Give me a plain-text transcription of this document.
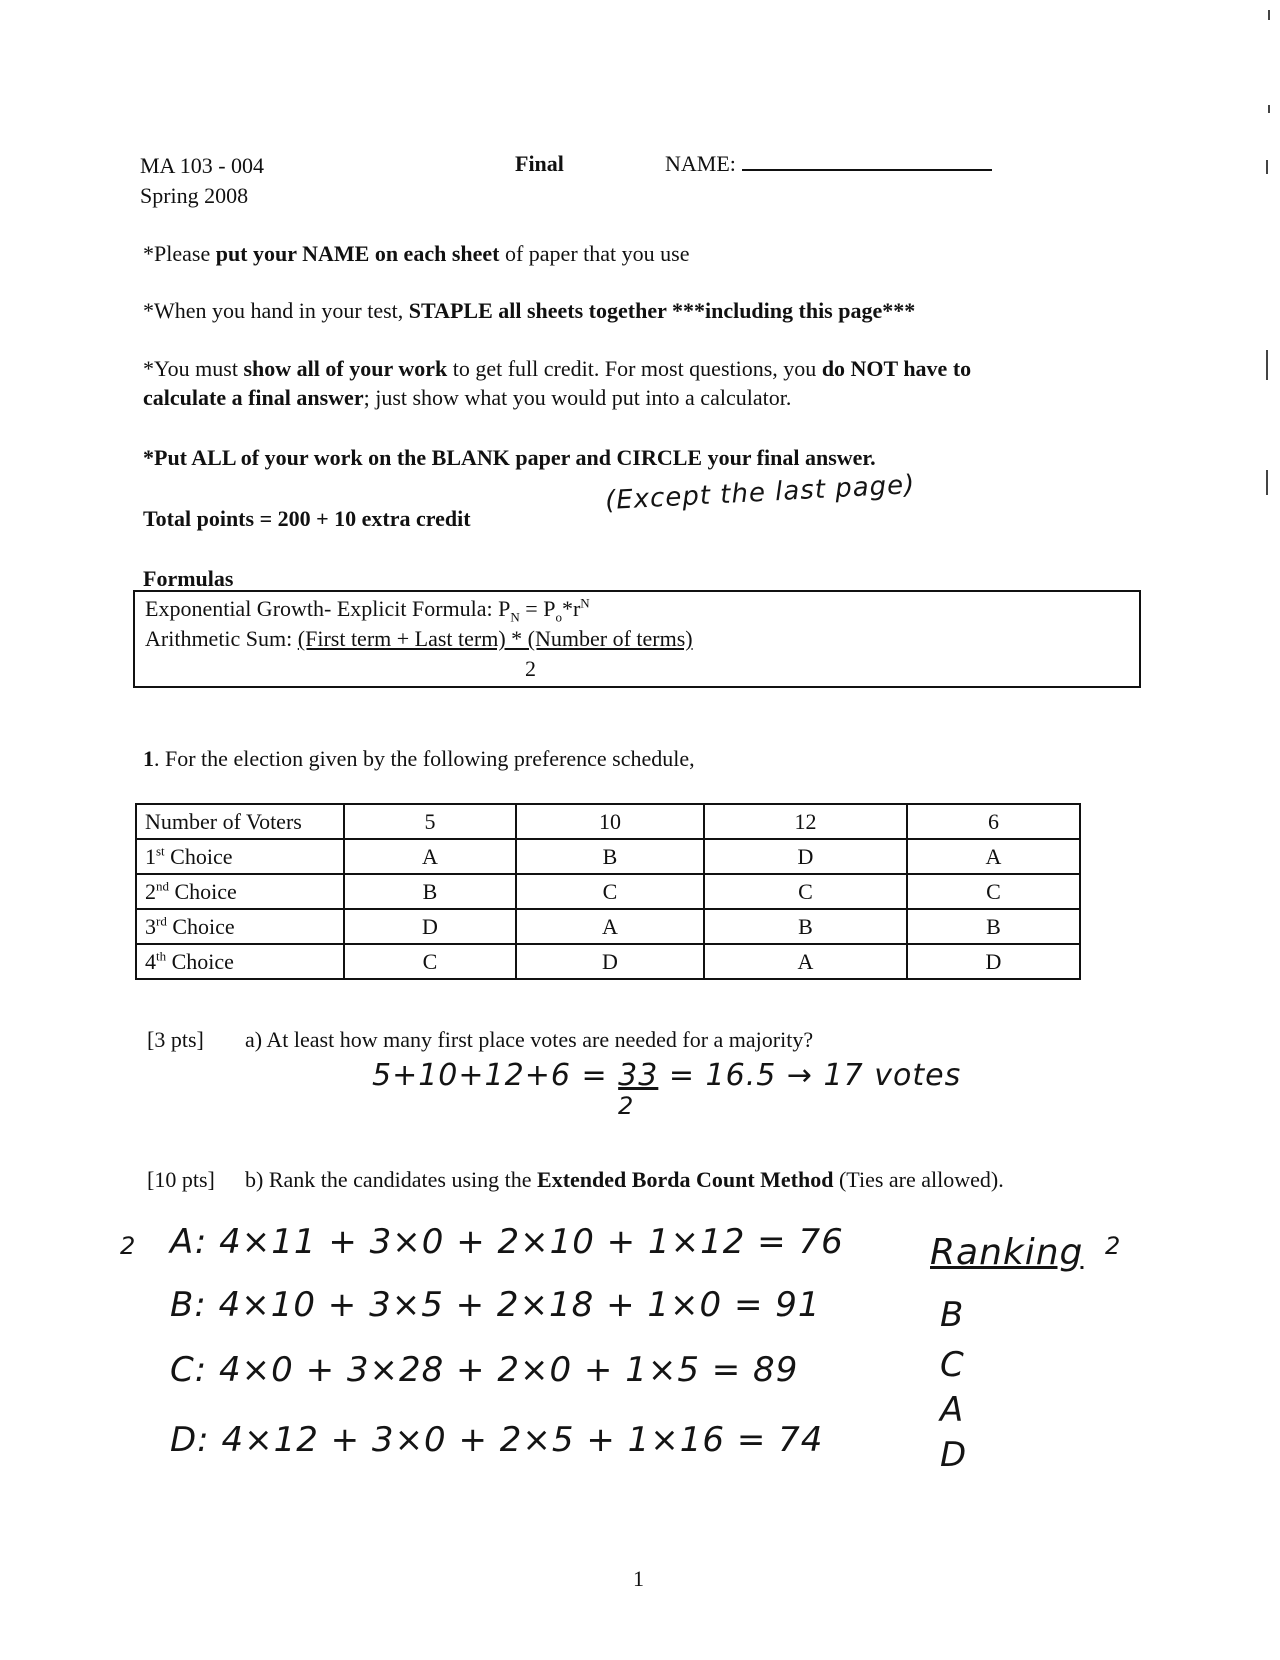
MA 103 - 004
Spring 2008
Final	NAME:
*Please put your NAME on each sheet of paper that you use
*When you hand in your test, STAPLE all sheets together ***including this page***
*You must show all of your work to get full credit. For most questions, you do NOT have to
calculate a final answer; just show what you would put into a calculator.
*Put ALL of your work on the BLANK paper and CIRCLE your final answer.
(Except the last page)
Total points = 200 + 10 extra credit
Formulas
Exponential Growth- Explicit Formula: $P_N = P_o*r^N$
Arithmetic Sum: (First term + Last term) * (Number of terms)
2
1. For the election given by the following preference schedule,
Number of Voters	5	10	12	6
1st Choice	A	B	D	A
2nd Choice	B	C	C	C
3rd Choice	D	A	B	B
4th Choice	C	D	A	D
[3 pts] a) At least how many first place votes are needed for a majority?
5+10+12+6 = 33 = 16.5 → 17 votes
2
[10 pts] b) Rank the candidates using the Extended Borda Count Method (Ties are allowed).
2 A: 4×11 + 3×0 + 2×10 + 1×12 = 76
B: 4×10 + 3×5 + 2×18 + 1×0 = 91
C: 4×0 + 3×28 + 2×0 + 1×5 = 89
D: 4×12 + 3×0 + 2×5 + 1×16 = 74
Ranking 2
B
C
A
D
1
